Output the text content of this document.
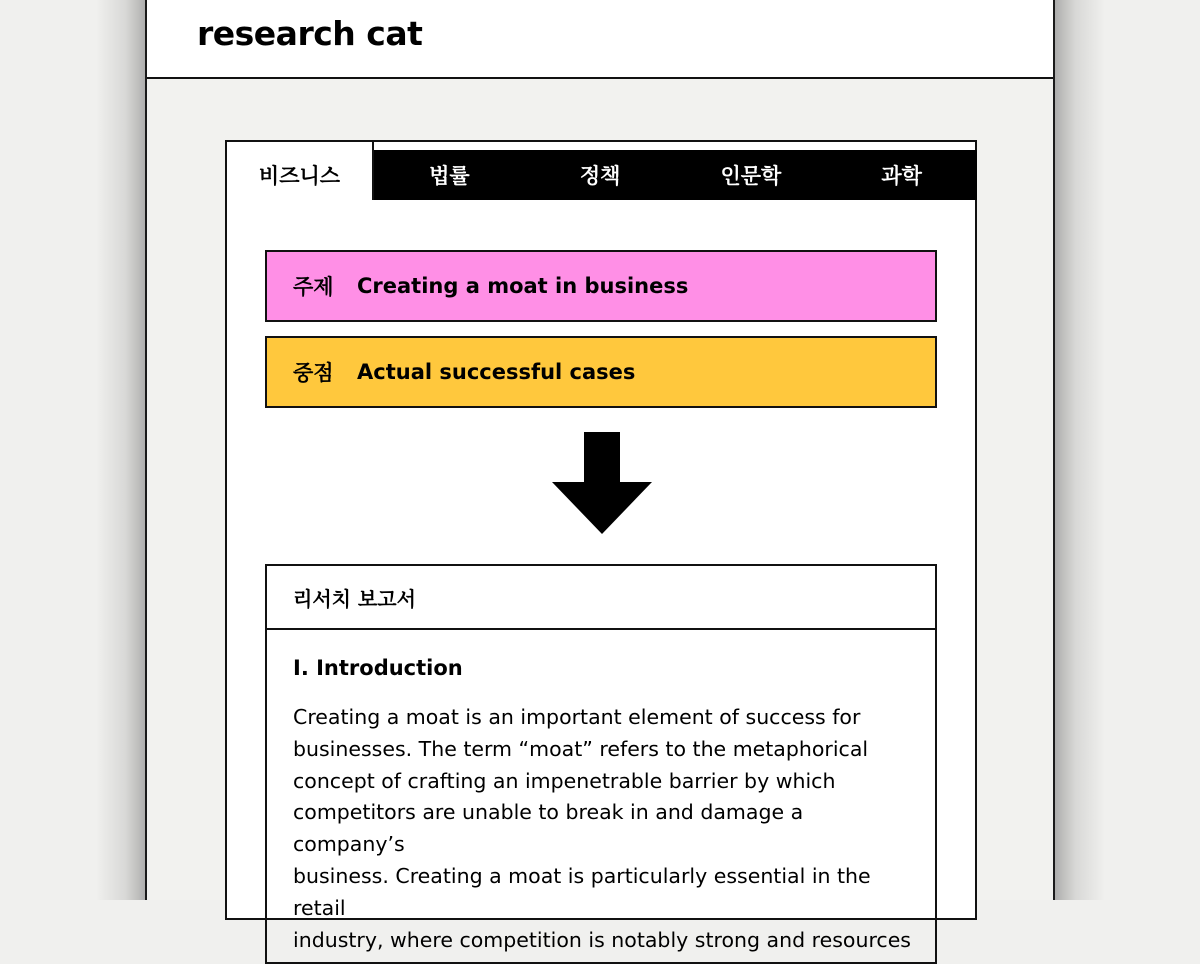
research cat
비즈니스	법률	정책	인문학	과학
주제	Creating a moat in business
중점	Actual successful cases
리서치 보고서
I. Introduction

Creating a moat is an important element of success for
businesses. The term “moat” refers to the metaphorical
concept of crafting an impenetrable barrier by which
competitors are unable to break in and damage a company’s
business. Creating a moat is particularly essential in the retail
industry, where competition is notably strong and resources
